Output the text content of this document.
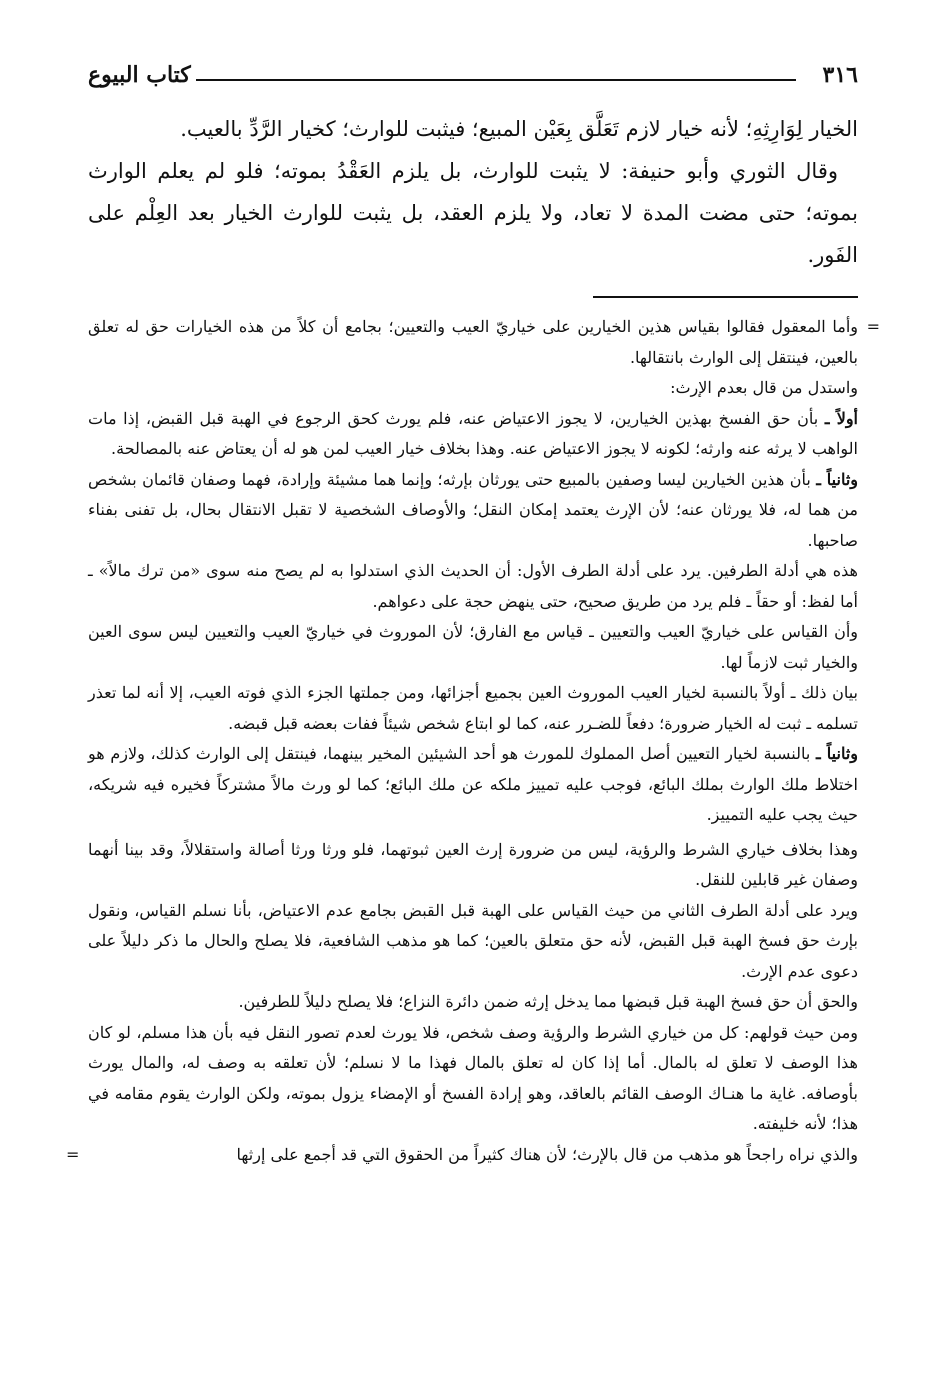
٣١٦
كتاب البيوع

الخيار لِوَارِثِهِ؛ لأنه خيار لازم تَعَلَّق بِعَيْن المبيع؛ فيثبت للوارث؛ كخيار الرَّدِّ بالعيب.

وقال الثوري وأبو حنيفة: لا يثبت للوارث، بل يلزم العَقْدُ بموته؛ فلو لم يعلم الوارث بموته؛ حتى مضت المدة لا تعاد، ولا يلزم العقد، بل يثبت للوارث الخيار بعد العِلْم على الفَور.

=

وأما المعقول فقالوا بقياس هذين الخيارين على خياريّ العيب والتعيين؛ بجامع أن كلاً من هذه الخيارات حق له تعلق بالعين، فينتقل إلى الوارث بانتقالها.

واستدل من قال بعدم الإرث:

أولاً ـ بأن حق الفسخ بهذين الخيارين، لا يجوز الاعتياض عنه، فلم يورث كحق الرجوع في الهبة قبل القبض، إذا مات الواهب لا يرثه عنه وارثه؛ لكونه لا يجوز الاعتياض عنه. وهذا بخلاف خيار العيب لمن هو له أن يعتاض عنه بالمصالحة.

وثانياً ـ بأن هذين الخيارين ليسا وصفين بالمبيع حتى يورثان بإرثه؛ وإنما هما مشيئة وإرادة، فهما وصفان قائمان بشخص من هما له، فلا يورثان عنه؛ لأن الإرث يعتمد إمكان النقل؛ والأوصاف الشخصية لا تقبل الانتقال بحال، بل تفنى بفناء صاحبها.

هذه هي أدلة الطرفين. يرد على أدلة الطرف الأول: أن الحديث الذي استدلوا به لم يصح منه سوى «من ترك مالاً» ـ أما لفظ: أو حقاً ـ فلم يرد من طريق صحيح، حتى ينهض حجة على دعواهم.

وأن القياس على خياريّ العيب والتعيين ـ قياس مع الفارق؛ لأن الموروث في خياريّ العيب والتعيين ليس سوى العين والخيار ثبت لازماً لها.

بيان ذلك ـ أولاً بالنسبة لخيار العيب الموروث العين بجميع أجزائها، ومن جملتها الجزء الذي فوته العيب، إلا أنه لما تعذر تسلمه ـ ثبت له الخيار ضرورة؛ دفعاً للضـرر عنه، كما لو ابتاع شخص شيئاً ففات بعضه قبل قبضه.

وثانياً ـ بالنسبة لخيار التعيين أصل المملوك للمورث هو أحد الشيئين المخير بينهما، فينتقل إلى الوارث كذلك، ولازم هو اختلاط ملك الوارث بملك البائع، فوجب عليه تمييز ملكه عن ملك البائع؛ كما لو ورث مالاً مشتركاً فخيره فيه شريكه، حيث يجب عليه التمييز.

وهذا بخلاف خياري الشرط والرؤية، ليس من ضرورة إرث العين ثبوتهما، فلو ورثا ورثا أصالة واستقلالاً، وقد بينا أنهما وصفان غير قابلين للنقل.

ويرد على أدلة الطرف الثاني من حيث القياس على الهبة قبل القبض بجامع عدم الاعتياض، بأنا نسلم القياس، ونقول بإرث حق فسخ الهبة قبل القبض، لأنه حق متعلق بالعين؛ كما هو مذهب الشافعية، فلا يصلح والحال ما ذكر دليلاً على دعوى عدم الإرث.

والحق أن حق فسخ الهبة قبل قبضها مما يدخل إرثه ضمن دائرة النزاع؛ فلا يصلح دليلاً للطرفين.

ومن حيث قولهم: كل من خياري الشرط والرؤية وصف شخص، فلا يورث لعدم تصور النقل فيه بأن هذا مسلم، لو كان هذا الوصف لا تعلق له بالمال. أما إذا كان له تعلق بالمال فهذا ما لا نسلم؛ لأن تعلقه به وصف له، والمال يورث بأوصافه. غاية ما هنـاك الوصف القائم بالعاقد، وهو إرادة الفسخ أو الإمضاء يزول بموته، ولكن الوارث يقوم مقامه في هذا؛ لأنه خليفته.

والذي نراه راجحاً هو مذهب من قال بالإرث؛ لأن هناك كثيراً من الحقوق التي قد أجمع على إرثها

=
